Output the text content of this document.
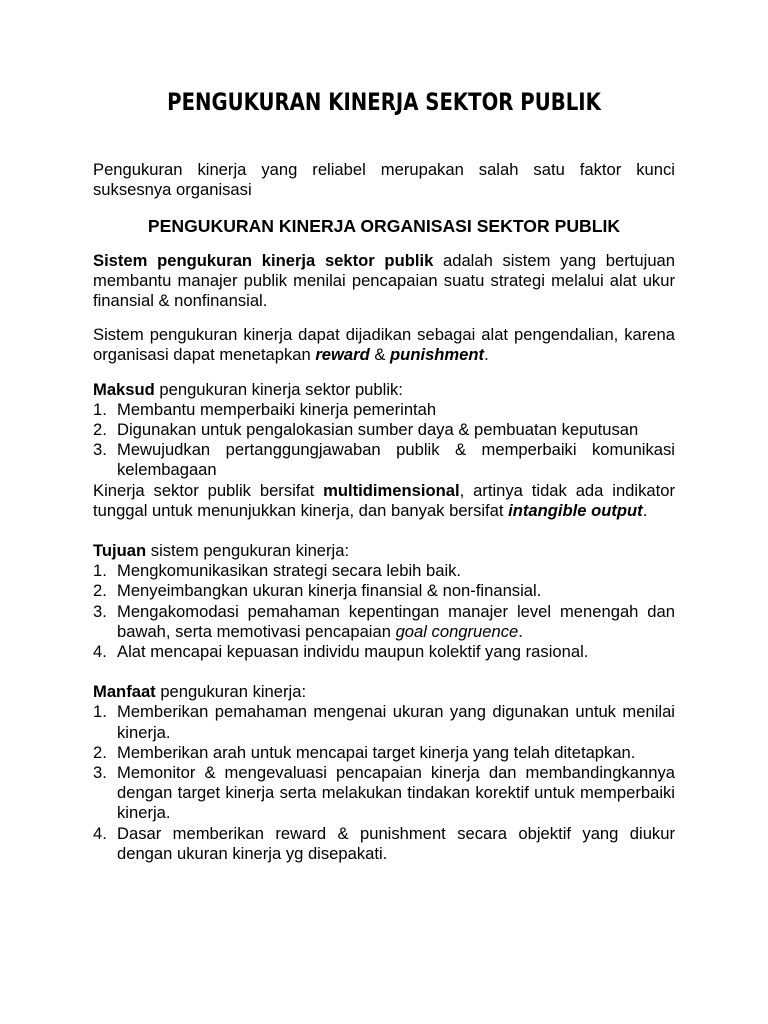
PENGUKURAN KINERJA SEKTOR PUBLIK

Pengukuran kinerja yang reliabel merupakan salah satu faktor kunci suksesnya organisasi

PENGUKURAN KINERJA ORGANISASI SEKTOR PUBLIK

Sistem pengukuran kinerja sektor publik adalah sistem yang bertujuan membantu manajer publik menilai pencapaian suatu strategi melalui alat ukur finansial & nonfinansial.

Sistem pengukuran kinerja dapat dijadikan sebagai alat pengendalian, karena organisasi dapat menetapkan reward & punishment.

Maksud pengukuran kinerja sektor publik:

1. Membantu memperbaiki kinerja pemerintah
2. Digunakan untuk pengalokasian sumber daya & pembuatan keputusan
3. Mewujudkan pertanggungjawaban publik & memperbaiki komunikasi kelembagaan

Kinerja sektor publik bersifat multidimensional, artinya tidak ada indikator tunggal untuk menunjukkan kinerja, dan banyak bersifat intangible output.

Tujuan sistem pengukuran kinerja:

1. Mengkomunikasikan strategi secara lebih baik.
2. Menyeimbangkan ukuran kinerja finansial & non-finansial.
3. Mengakomodasi pemahaman kepentingan manajer level menengah dan bawah, serta memotivasi pencapaian goal congruence.
4. Alat mencapai kepuasan individu maupun kolektif yang rasional.

Manfaat pengukuran kinerja:

1. Memberikan pemahaman mengenai ukuran yang digunakan untuk menilai kinerja.
2. Memberikan arah untuk mencapai target kinerja yang telah ditetapkan.
3. Memonitor & mengevaluasi pencapaian kinerja dan membandingkannya dengan target kinerja serta melakukan tindakan korektif untuk memperbaiki kinerja.
4. Dasar memberikan reward & punishment secara objektif yang diukur dengan ukuran kinerja yg disepakati.
